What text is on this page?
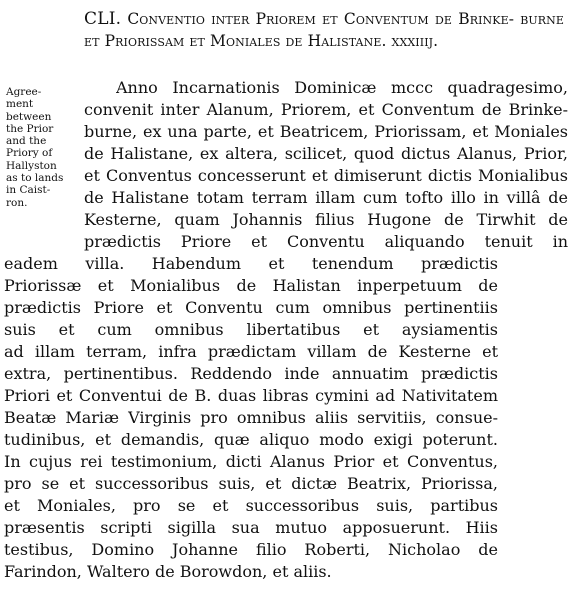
CLI. Conventio inter Priorem et Conventum de Brinke- burne et Priorissam et Moniales de Halistane. xxxiiij.
Agree-
ment
between
the Prior
and the
Priory of
Hallyston
as to lands
in Caist-
ron.
Anno Incarnationis Dominicæ mccc quadragesimo,
convenit inter Alanum, Priorem, et Conventum de Brinke-
burne, ex una parte, et Beatricem, Priorissam, et Moniales
de Halistane, ex altera, scilicet, quod dictus Alanus, Prior,
et Conventus concesserunt et dimiserunt dictis Monialibus
de Halistane totam terram illam cum tofto illo in villâ de
Kesterne, quam Johannis filius Hugone de Tirwhit de
prædictis Priore et Conventu aliquando tenuit in
eadem villa. Habendum et tenendum prædictis
Priorissæ et Monialibus de Halistan inperpetuum de
prædictis Priore et Conventu cum omnibus pertinentiis
suis et cum omnibus libertatibus et aysiamentis
ad illam terram, infra prædictam villam de Kesterne et
extra, pertinentibus. Reddendo inde annuatim prædictis
Priori et Conventui de B. duas libras cymini ad Nativitatem
Beatæ Mariæ Virginis pro omnibus aliis servitiis, consue-
tudinibus, et demandis, quæ aliquo modo exigi poterunt.
In cujus rei testimonium, dicti Alanus Prior et Conventus,
pro se et successoribus suis, et dictæ Beatrix, Priorissa,
et Moniales, pro se et successoribus suis, partibus
præsentis scripti sigilla sua mutuo apposuerunt. Hiis
testibus, Domino Johanne filio Roberti, Nicholao de
Farindon, Waltero de Borowdon, et aliis.
